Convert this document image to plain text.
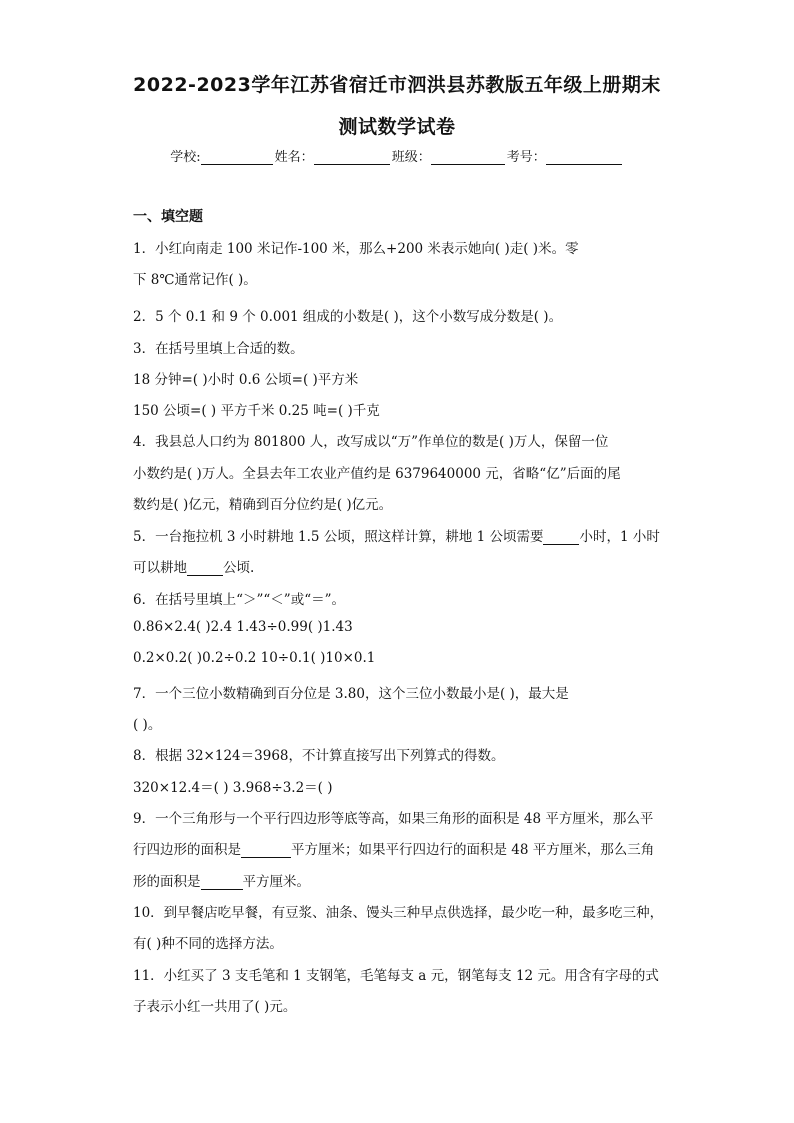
2022-2023学年江苏省宿迁市泗洪县苏教版五年级上册期末
测试数学试卷
学校:	姓名：	班级：	考号：
一、填空题
1．小红向南走 100 米记作-100 米，那么+200 米表示她向( )走( )米。零
下 8℃通常记作( )。
2．5 个 0.1 和 9 个 0.001 组成的小数是( )，这个小数写成分数是( )。
3．在括号里填上合适的数。
18 分钟=( )小时 0.6 公顷=( )平方米
150 公顷=( ) 平方千米 0.25 吨=( )千克
4．我县总人口约为 801800 人，改写成以“万”作单位的数是( )万人，保留一位
小数约是( )万人。全县去年工农业产值约是 6379640000 元，省略“亿”后面的尾
数约是( )亿元，精确到百分位约是( )亿元。
5．一台拖拉机 3 小时耕地 1.5 公顷，照这样计算，耕地 1 公顷需要	小时，1 小时
可以耕地	公顷.
6．在括号里填上“＞”“＜”或“＝”。
0.86×2.4( )2.4 1.43÷0.99( )1.43
0.2×0.2( )0.2÷0.2 10÷0.1( )10×0.1
7．一个三位小数精确到百分位是 3.80，这个三位小数最小是( )，最大是
( )。
8．根据 32×124＝3968，不计算直接写出下列算式的得数。
320×12.4＝( ) 3.968÷3.2＝( )
9．一个三角形与一个平行四边形等底等高，如果三角形的面积是 48 平方厘米，那么平
行四边形的面积是	平方厘米；如果平行四边行的面积是 48 平方厘米，那么三角
形的面积是	平方厘米。
10．到早餐店吃早餐，有豆浆、油条、馒头三种早点供选择，最少吃一种，最多吃三种，
有( )种不同的选择方法。
11．小红买了 3 支毛笔和 1 支钢笔，毛笔每支 a 元，钢笔每支 12 元。用含有字母的式
子表示小红一共用了( )元。
